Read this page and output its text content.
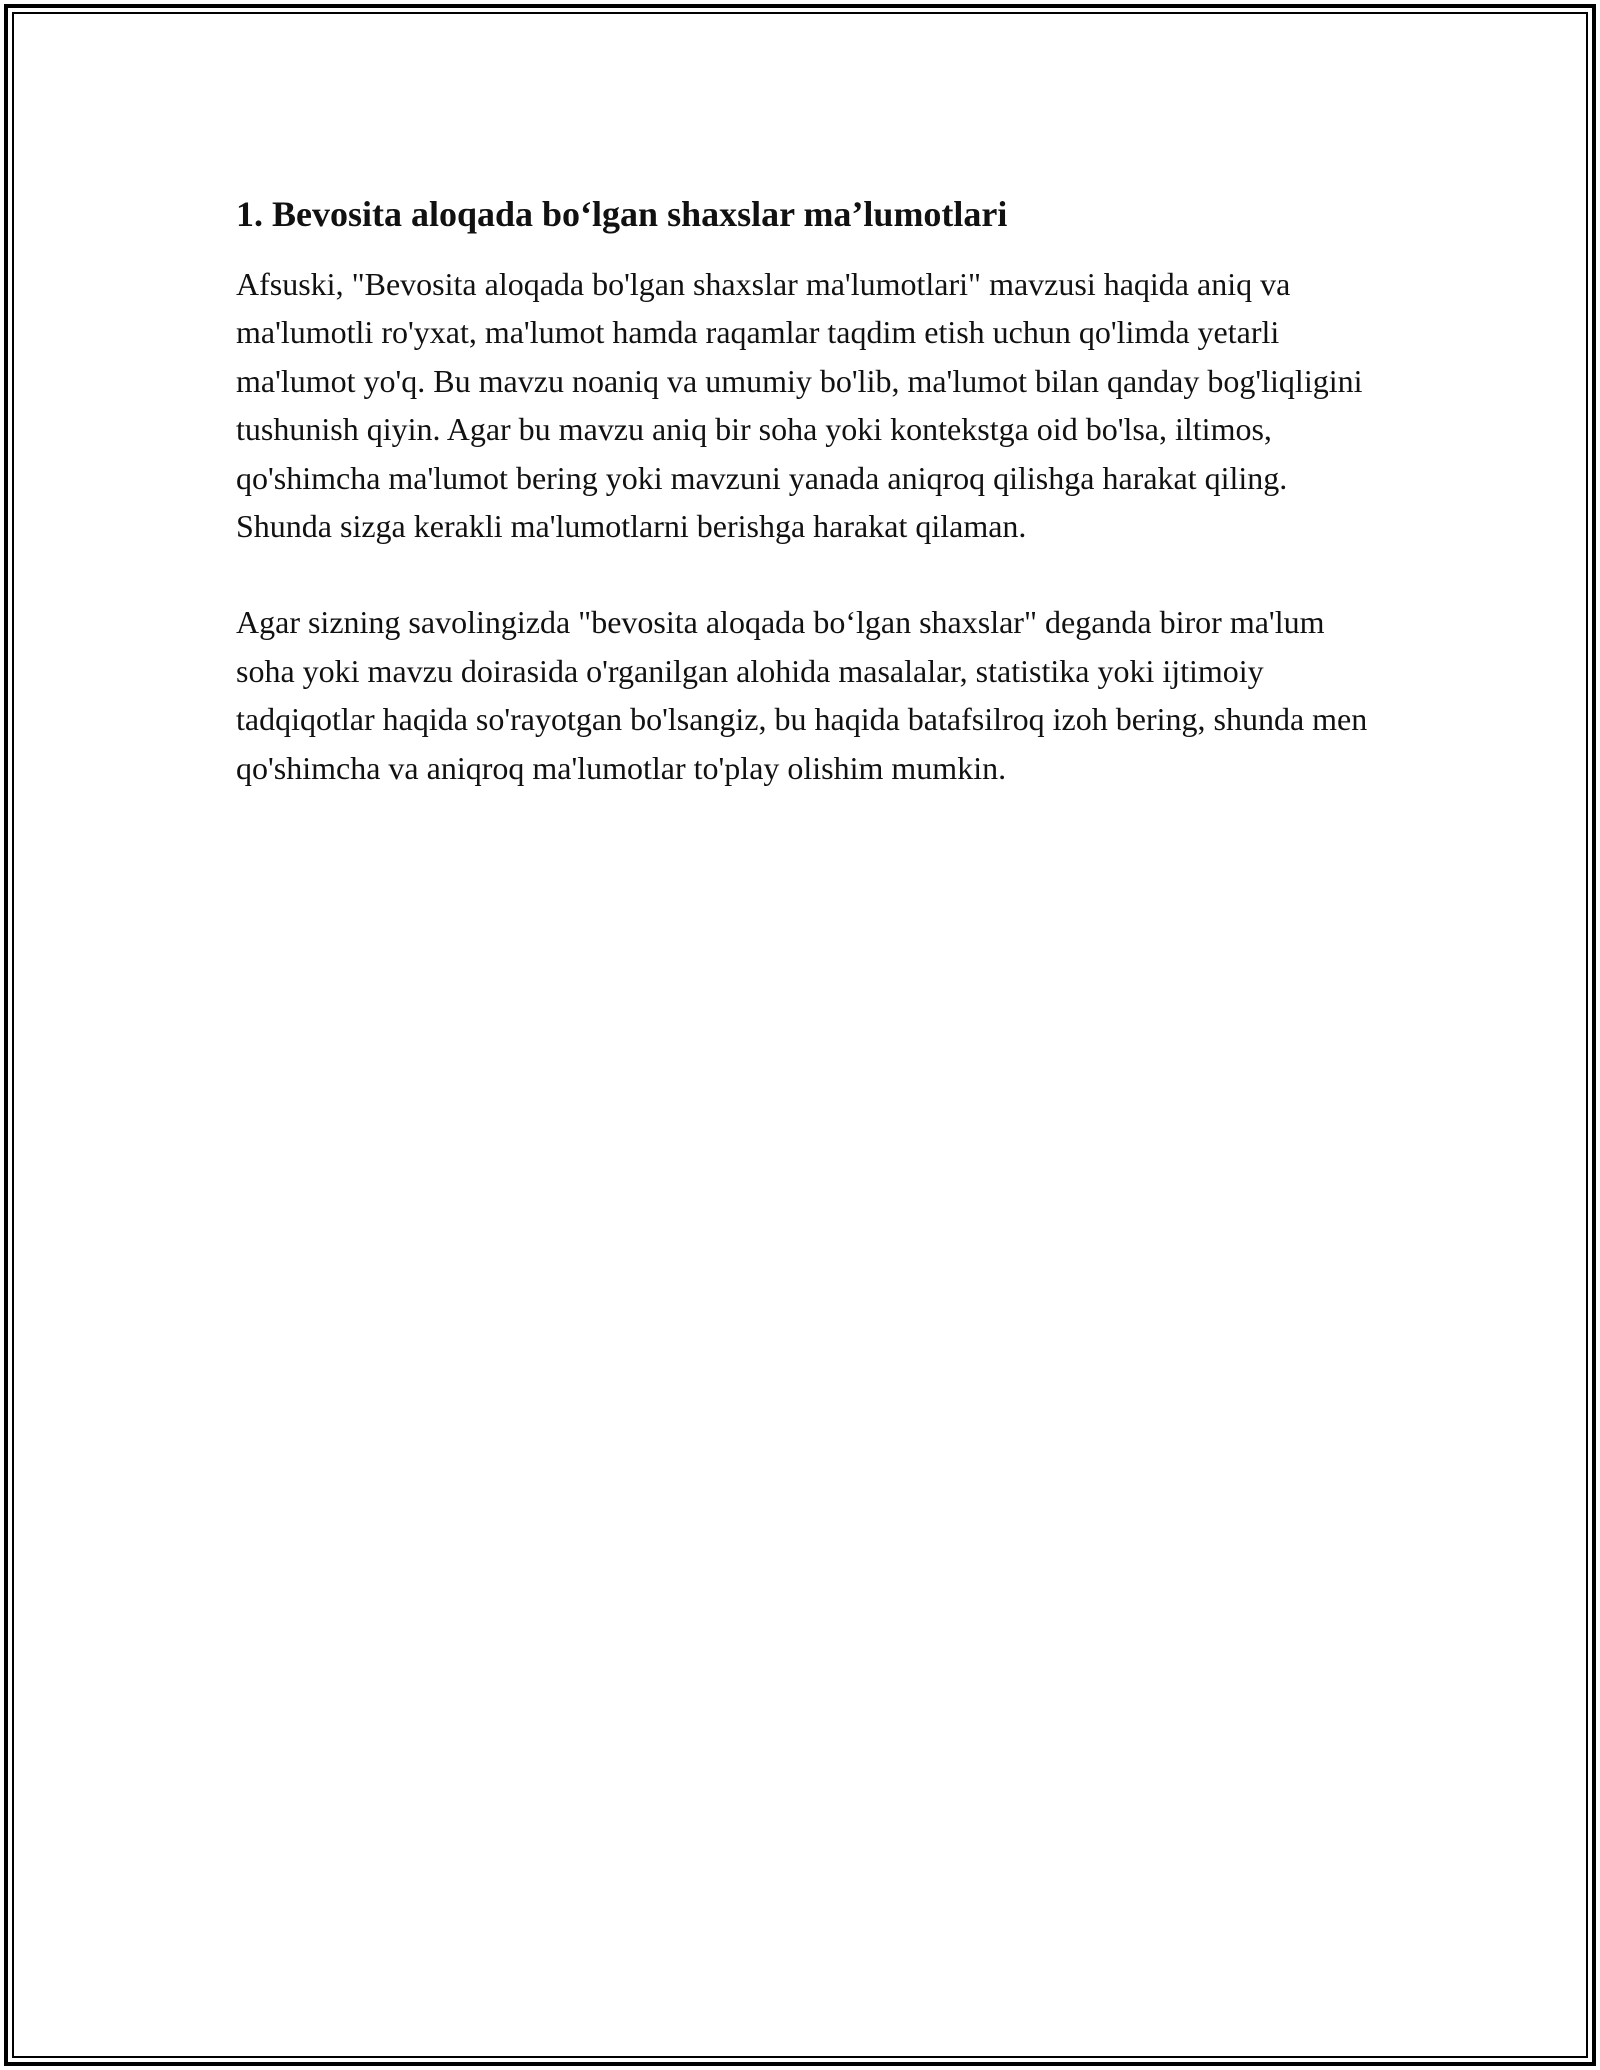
1. Bevosita aloqada bo‘lgan shaxslar ma’lumotlari

Afsuski, "Bevosita aloqada bo'lgan shaxslar ma'lumotlari" mavzusi haqida aniq va ma'lumotli ro'yxat, ma'lumot hamda raqamlar taqdim etish uchun qo'limda yetarli ma'lumot yo'q. Bu mavzu noaniq va umumiy bo'lib, ma'lumot bilan qanday bog'liqligini tushunish qiyin. Agar bu mavzu aniq bir soha yoki kontekstga oid bo'lsa, iltimos, qo'shimcha ma'lumot bering yoki mavzuni yanada aniqroq qilishga harakat qiling. Shunda sizga kerakli ma'lumotlarni berishga harakat qilaman.

Agar sizning savolingizda "bevosita aloqada bo‘lgan shaxslar" deganda biror ma'lum soha yoki mavzu doirasida o'rganilgan alohida masalalar, statistika yoki ijtimoiy tadqiqotlar haqida so'rayotgan bo'lsangiz, bu haqida batafsilroq izoh bering, shunda men qo'shimcha va aniqroq ma'lumotlar to'play olishim mumkin.
